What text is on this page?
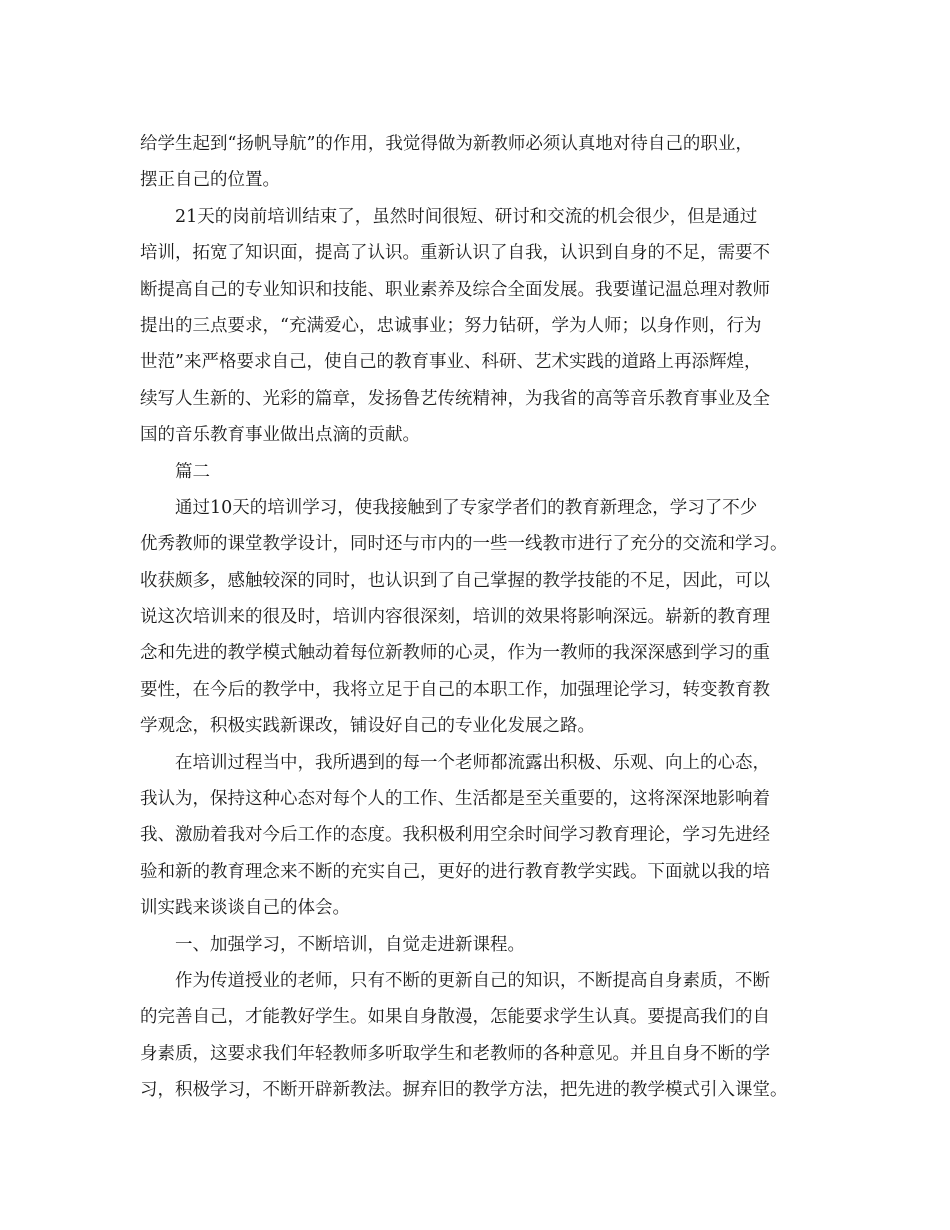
给学生起到“扬帆导航”的作用，我觉得做为新教师必须认真地对待自己的职业，
摆正自己的位置。
21天的岗前培训结束了，虽然时间很短、研讨和交流的机会很少，但是通过
培训，拓宽了知识面，提高了认识。重新认识了自我，认识到自身的不足，需要不
断提高自己的专业知识和技能、职业素养及综合全面发展。我要谨记温总理对教师
提出的三点要求，“充满爱心，忠诚事业；努力钻研，学为人师；以身作则，行为
世范”来严格要求自己，使自己的教育事业、科研、艺术实践的道路上再添辉煌，
续写人生新的、光彩的篇章，发扬鲁艺传统精神，为我省的高等音乐教育事业及全
国的音乐教育事业做出点滴的贡献。
篇二
通过10天的培训学习，使我接触到了专家学者们的教育新理念，学习了不少
优秀教师的课堂教学设计，同时还与市内的一些一线教市进行了充分的交流和学习。
收获颇多，感触较深的同时，也认识到了自己掌握的教学技能的不足，因此，可以
说这次培训来的很及时，培训内容很深刻，培训的效果将影响深远。崭新的教育理
念和先进的教学模式触动着每位新教师的心灵，作为一教师的我深深感到学习的重
要性，在今后的教学中，我将立足于自己的本职工作，加强理论学习，转变教育教
学观念，积极实践新课改，铺设好自己的专业化发展之路。
在培训过程当中，我所遇到的每一个老师都流露出积极、乐观、向上的心态，
我认为，保持这种心态对每个人的工作、生活都是至关重要的，这将深深地影响着
我、激励着我对今后工作的态度。我积极利用空余时间学习教育理论，学习先进经
验和新的教育理念来不断的充实自己，更好的进行教育教学实践。下面就以我的培
训实践来谈谈自己的体会。
一、加强学习，不断培训，自觉走进新课程。
作为传道授业的老师，只有不断的更新自己的知识，不断提高自身素质，不断
的完善自己，才能教好学生。如果自身散漫，怎能要求学生认真。要提高我们的自
身素质，这要求我们年轻教师多听取学生和老教师的各种意见。并且自身不断的学
习，积极学习，不断开辟新教法。摒弃旧的教学方法，把先进的教学模式引入课堂。
